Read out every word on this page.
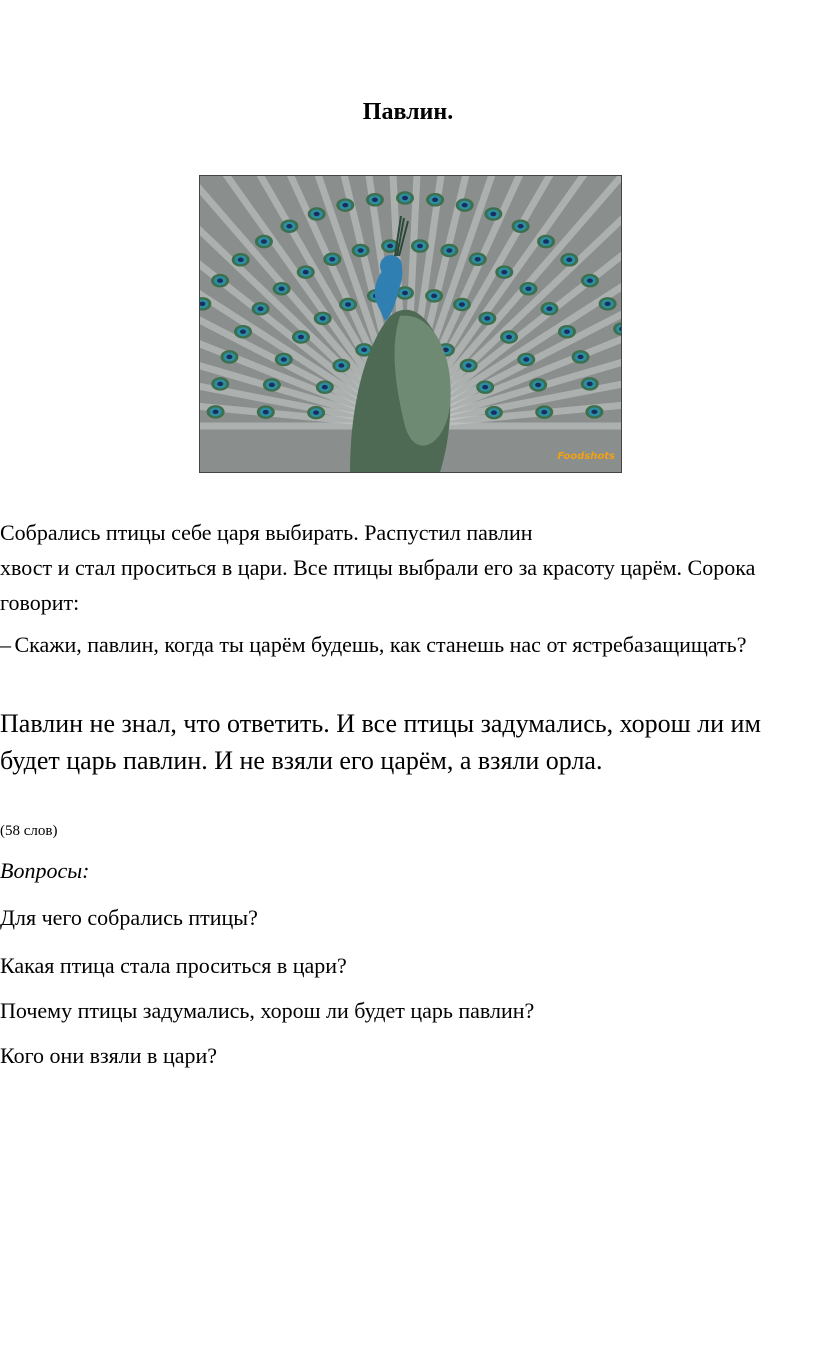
Павлин.
Foodshots

Собрались птицы себе царя выбирать. Распустил павлин
хвост и стал проситься в цари. Все птицы выбрали его за красоту царём. Сорока говорит:

– Скажи, павлин, когда ты царём будешь, как станешь нас от ястребазащищать?

Павлин не знал, что ответить. И все птицы задумались, хорош ли им будет царь павлин. И не взяли его царём, а взяли орла.

(58 слов)

Вопросы:

Для чего собрались птицы?

Какая птица стала проситься в цари?

Почему птицы задумались, хорош ли будет царь павлин?

Кого они взяли в цари?
